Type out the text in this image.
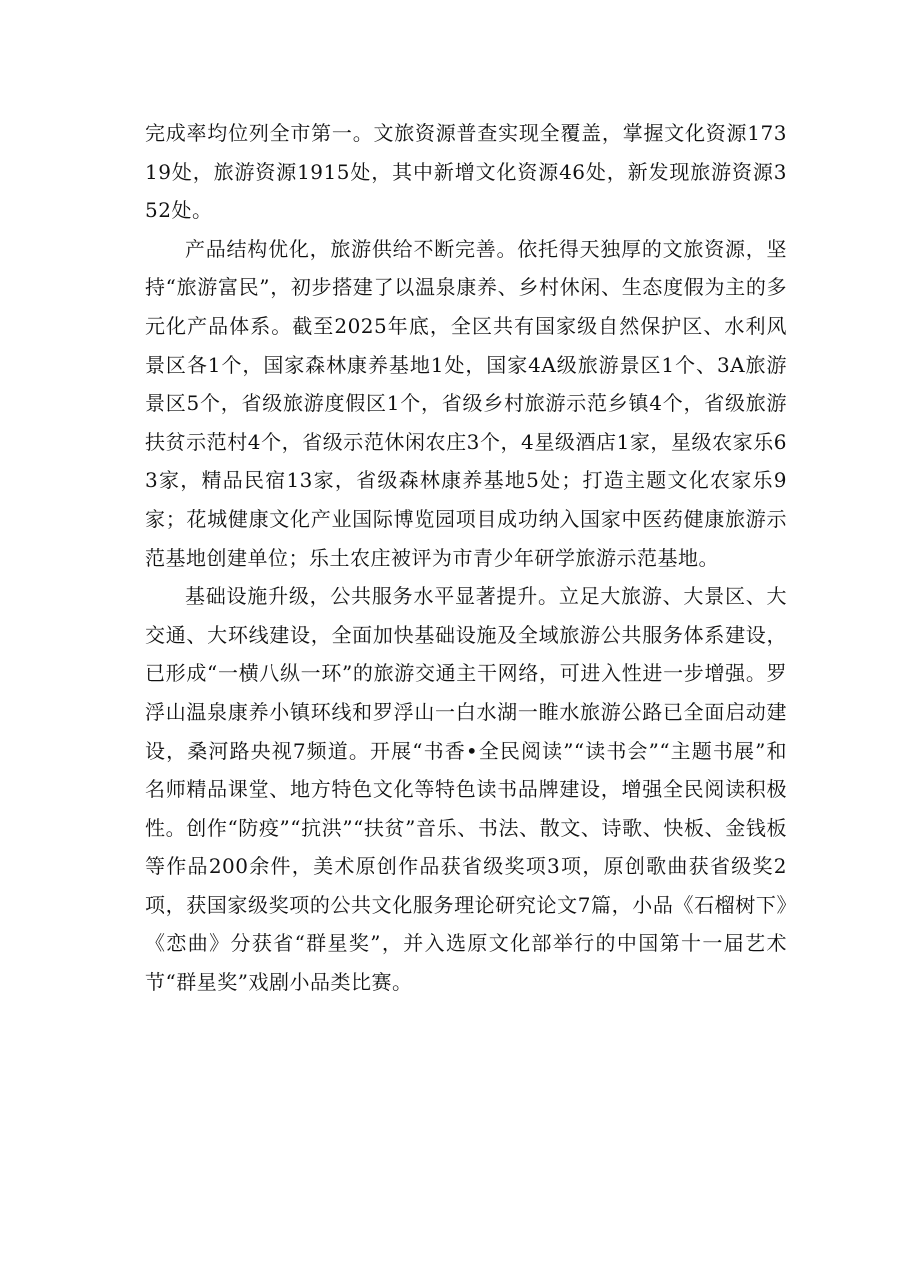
完成率均位列全市第一。文旅资源普查实现全覆盖，掌握文化资源17319处，旅游资源1915处，其中新增文化资源46处，新发现旅游资源352处。

产品结构优化，旅游供给不断完善。依托得天独厚的文旅资源，坚持“旅游富民”，初步搭建了以温泉康养、乡村休闲、生态度假为主的多元化产品体系。截至2025年底，全区共有国家级自然保护区、水利风景区各1个，国家森林康养基地1处，国家4A级旅游景区1个、3A旅游景区5个，省级旅游度假区1个，省级乡村旅游示范乡镇4个，省级旅游扶贫示范村4个，省级示范休闲农庄3个，4星级酒店1家，星级农家乐63家，精品民宿13家，省级森林康养基地5处；打造主题文化农家乐9家；花城健康文化产业国际博览园项目成功纳入国家中医药健康旅游示范基地创建单位；乐土农庄被评为市青少年研学旅游示范基地。

基础设施升级，公共服务水平显著提升。立足大旅游、大景区、大交通、大环线建设，全面加快基础设施及全域旅游公共服务体系建设，已形成“一横八纵一环”的旅游交通主干网络，可进入性进一步增强。罗浮山温泉康养小镇环线和罗浮山一白水湖一睢水旅游公路已全面启动建设，桑河路央视7频道。开展“书香•全民阅读”“读书会”“主题书展”和名师精品课堂、地方特色文化等特色读书品牌建设，增强全民阅读积极性。创作“防疫”“抗洪”“扶贫”音乐、书法、散文、诗歌、快板、金钱板等作品200余件，美术原创作品获省级奖项3项，原创歌曲获省级奖2项，获国家级奖项的公共文化服务理论研究论文7篇，小品《石榴树下》《恋曲》分获省“群星奖”，并入选原文化部举行的中国第十一届艺术节“群星奖”戏剧小品类比赛。
